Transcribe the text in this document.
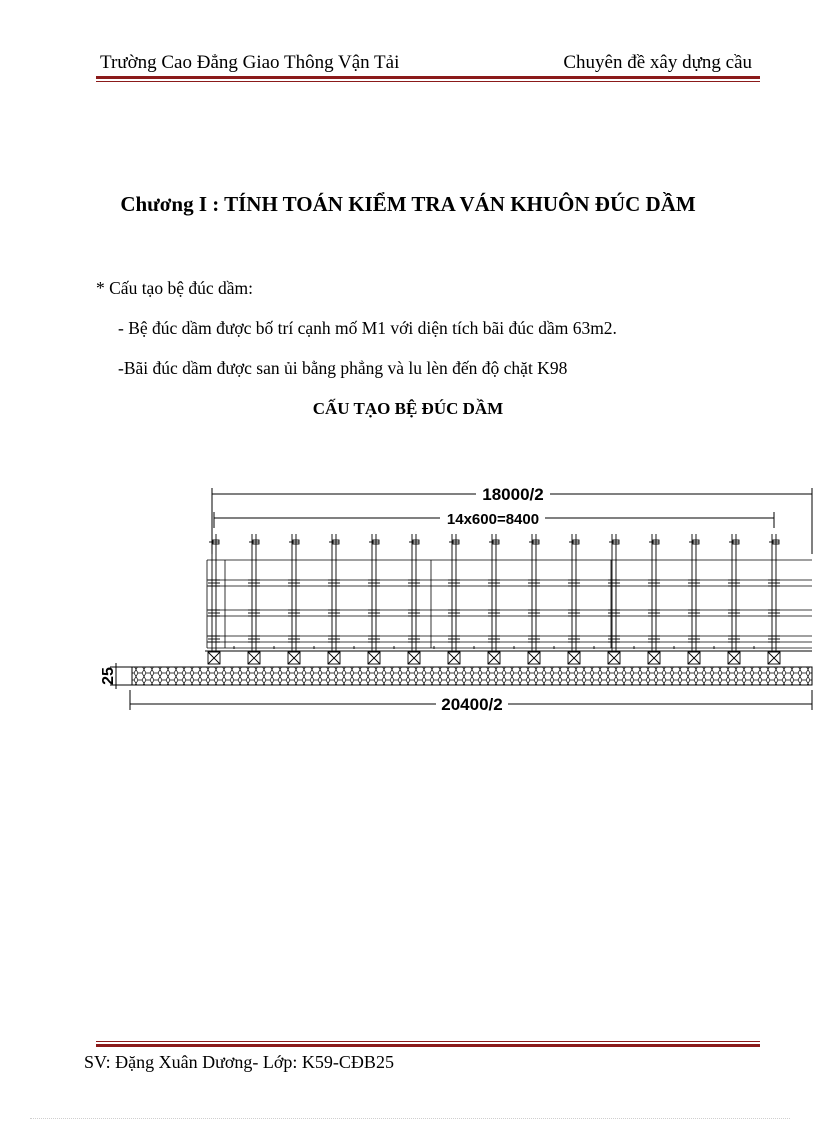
Trường Cao Đẳng Giao Thông Vận Tải	Chuyên đề xây dựng cầu
Chương I : TÍNH TOÁN KIỂM TRA VÁN KHUÔN ĐÚC DẦM
* Cấu tạo bệ đúc dầm:
- Bệ đúc dầm được bố trí cạnh mố M1 với diện tích bãi đúc dầm 63m2.
-Bãi đúc dầm được san ủi bằng phẳng và lu lèn đến độ chặt K98
CẤU TẠO BỆ ĐÚC DẦM
18000/2
14x600=8400
25
20400/2
SV: Đặng Xuân Dương- Lớp: K59-CĐB25
